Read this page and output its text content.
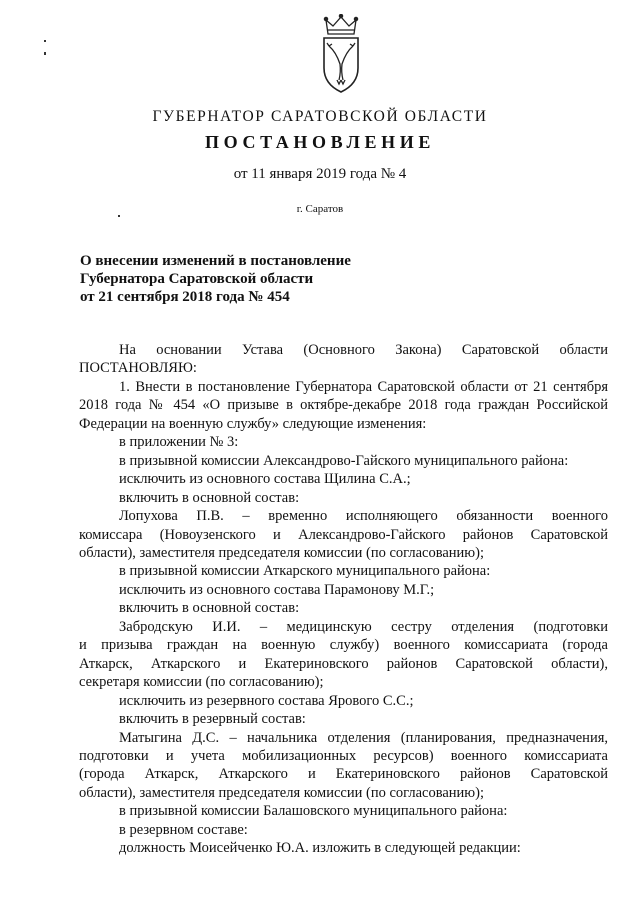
ГУБЕРНАТОР САРАТОВСКОЙ ОБЛАСТИ
ПОСТАНОВЛЕНИЕ
от 11 января 2019 года № 4
г. Саратов
О внесении изменений в постановление
Губернатора Саратовской области
от 21 сентября 2018 года № 454

На основании Устава (Основного Закона) Саратовской области

ПОСТАНОВЛЯЮ:

1. Внести в постановление Губернатора Саратовской области от 21 сентября

2018 года № 454 «О призыве в октябре-декабре 2018 года граждан Российской

Федерации на военную службу» следующие изменения:

в приложении № 3:

в призывной комиссии Александрово-Гайского муниципального района:

исключить из основного состава Щилина С.А.;

включить в основной состав:

Лопухова П.В. – временно исполняющего обязанности военного

комиссара (Новоузенского и Александрово-Гайского районов Саратовской

области), заместителя председателя комиссии (по согласованию);

в призывной комиссии Аткарского муниципального района:

исключить из основного состава Парамонову М.Г.;

включить в основной состав:

Забродскую И.И. – медицинскую сестру отделения (подготовки

и призыва граждан на военную службу) военного комиссариата (города

Аткарск, Аткарского и Екатериновского районов Саратовской области),

секретаря комиссии (по согласованию);

исключить из резервного состава Ярового С.С.;

включить в резервный состав:

Матыгина Д.С. – начальника отделения (планирования, предназначения,

подготовки и учета мобилизационных ресурсов) военного комиссариата

(города Аткарск, Аткарского и Екатериновского районов Саратовской

области), заместителя председателя комиссии (по согласованию);

в призывной комиссии Балашовского муниципального района:

в резервном составе:

должность Моисейченко Ю.А. изложить в следующей редакции:
